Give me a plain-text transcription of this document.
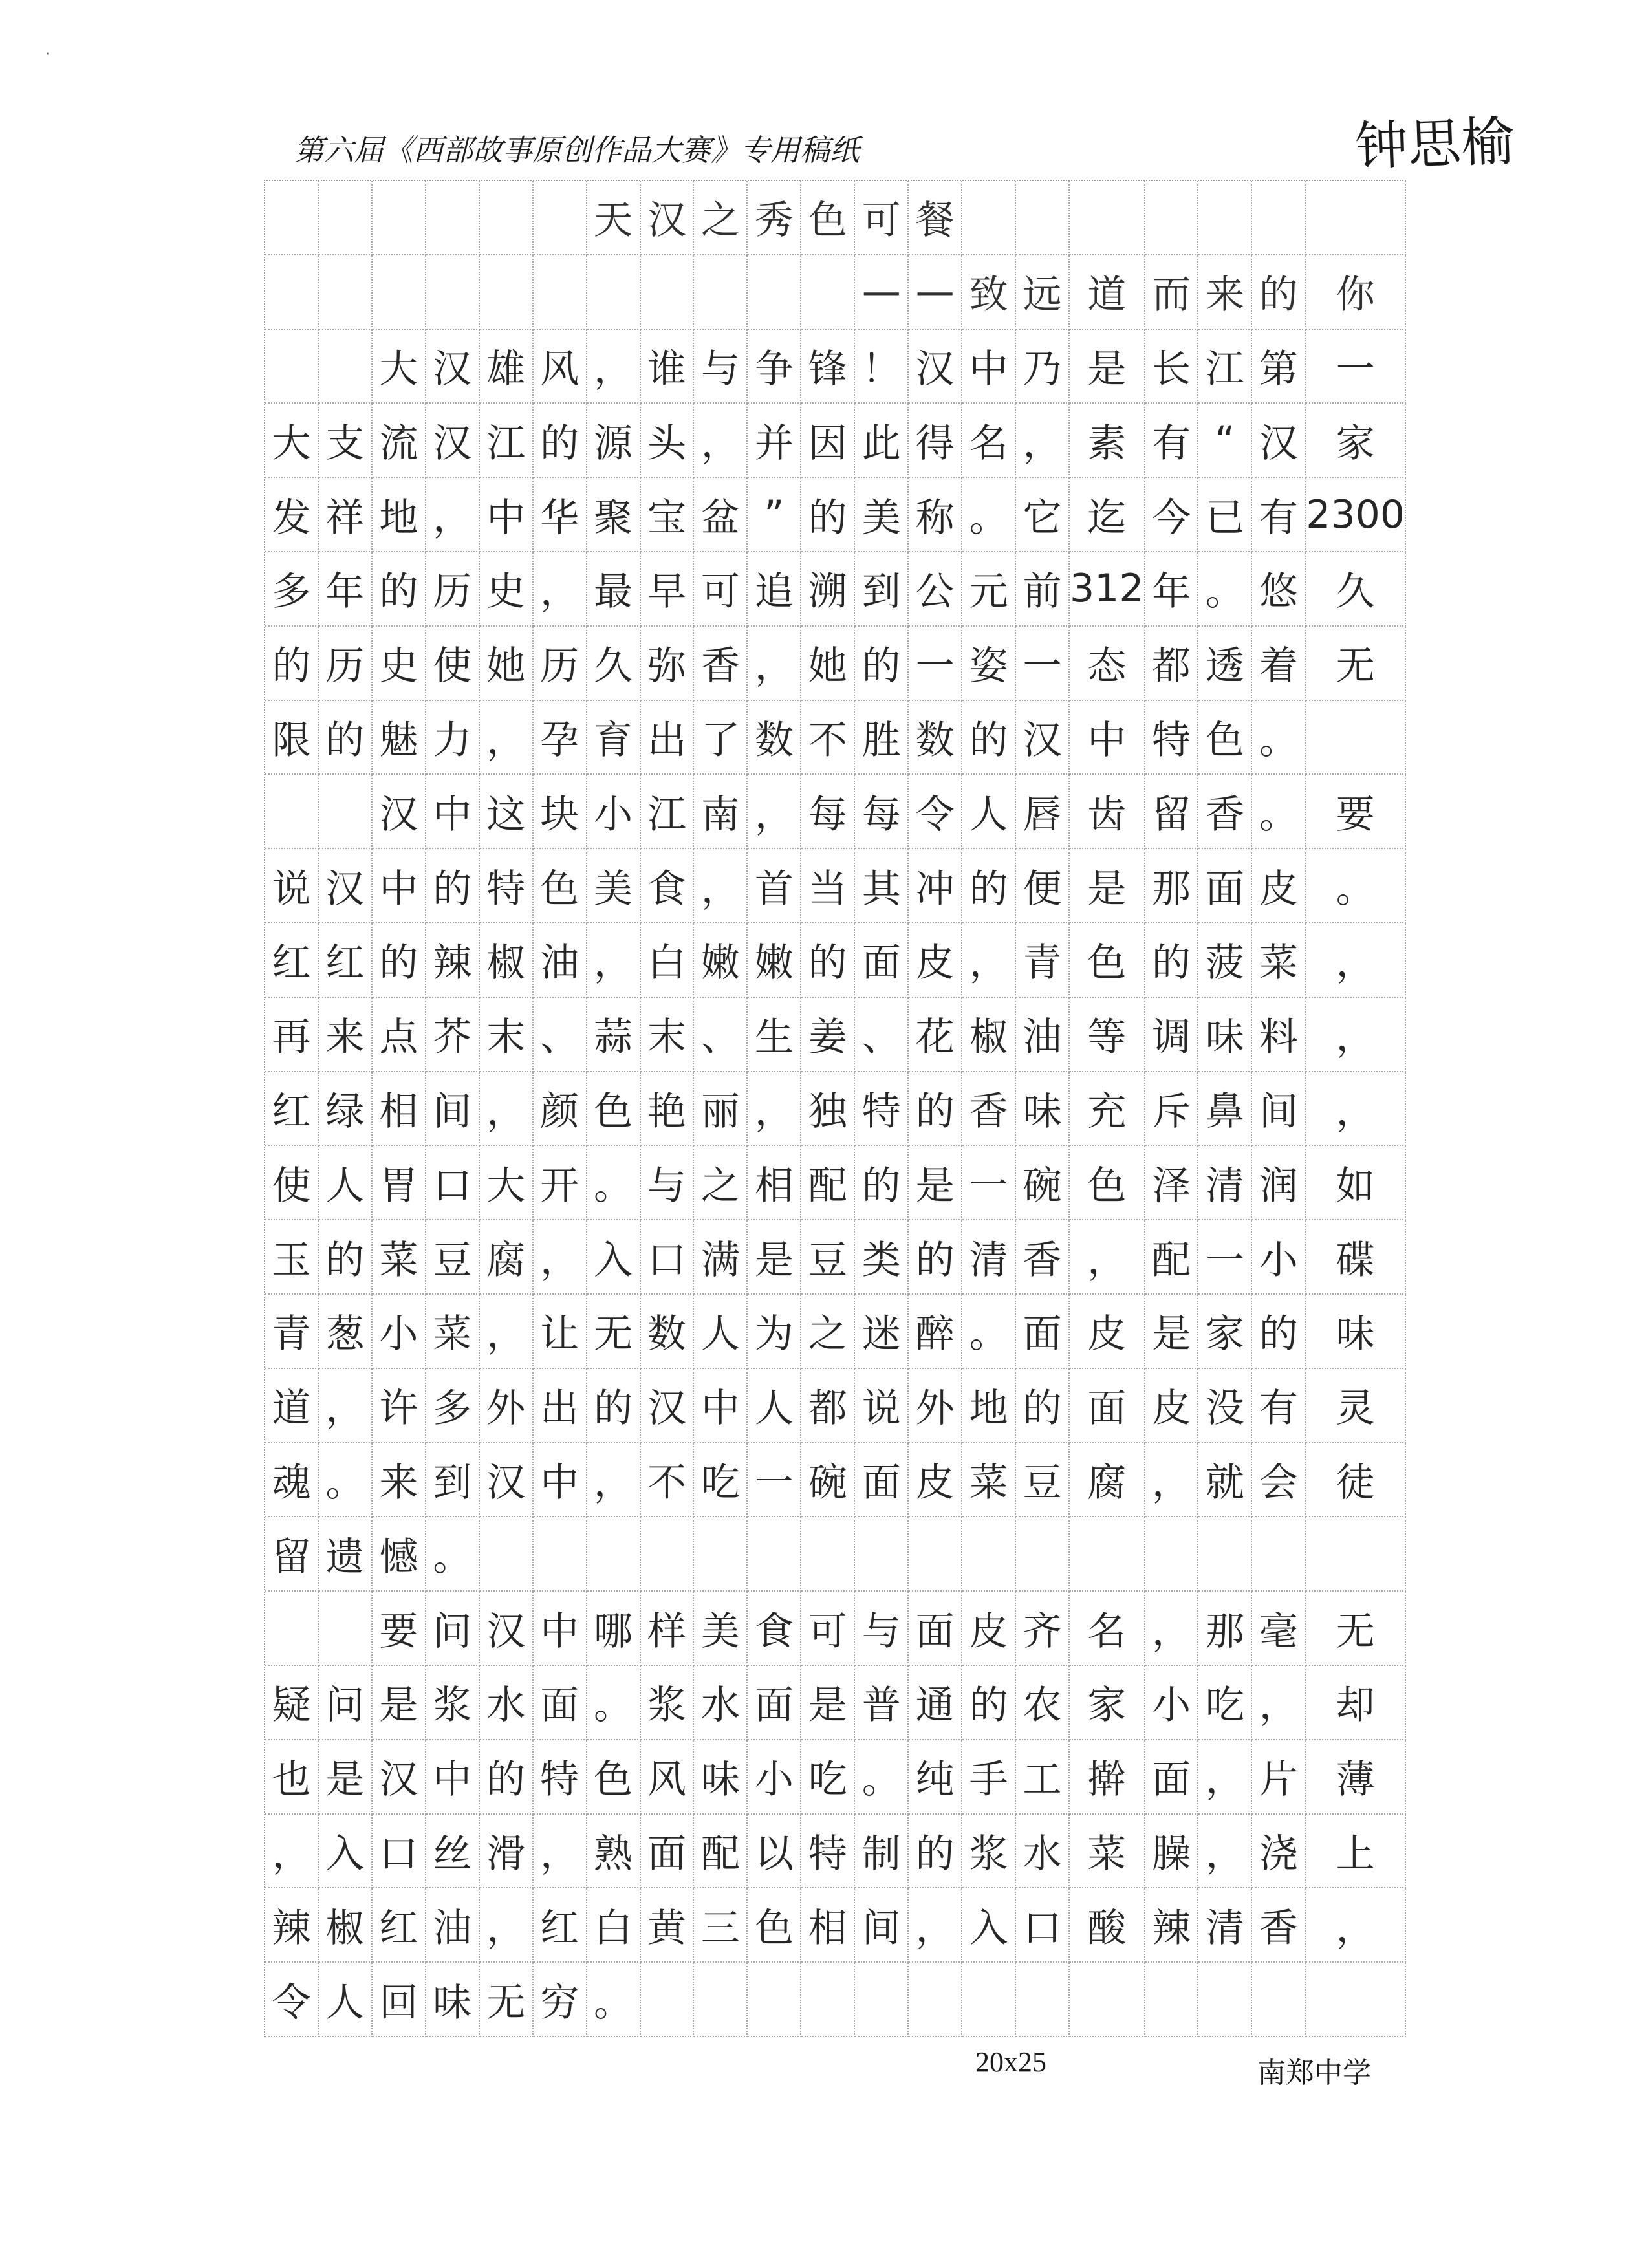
·
第六届《西部故事原创作品大赛》专用稿纸	钟思榆
天 汉 之 秀 色 可 餐
— — 致 远 道 而 来 的 你
大 汉 雄 风 ， 谁 与 争 锋 ！ 汉 中 乃 是 长 江 第 一
大 支 流 汉 江 的 源 头 ， 并 因 此 得 名 ， 素 有 “ 汉 家
发 祥 地 ， 中 华 聚 宝 盆 ” 的 美 称 。 它 迄 今 已 有 2300
多 年 的 历 史 ， 最 早 可 追 溯 到 公 元 前 312 年 。 悠 久
的 历 史 使 她 历 久 弥 香 ， 她 的 一 姿 一 态 都 透 着 无
限 的 魅 力 ， 孕 育 出 了 数 不 胜 数 的 汉 中 特 色 。
汉 中 这 块 小 江 南 ， 每 每 令 人 唇 齿 留 香 。 要
说 汉 中 的 特 色 美 食 ， 首 当 其 冲 的 便 是 那 面 皮 。
红 红 的 辣 椒 油 ， 白 嫩 嫩 的 面 皮 ， 青 色 的 菠 菜 ，
再 来 点 芥 末 、 蒜 末 、 生 姜 、 花 椒 油 等 调 味 料 ，
红 绿 相 间 ， 颜 色 艳 丽 ， 独 特 的 香 味 充 斥 鼻 间 ，
使 人 胃 口 大 开 。 与 之 相 配 的 是 一 碗 色 泽 清 润 如
玉 的 菜 豆 腐 ， 入 口 满 是 豆 类 的 清 香 ， 配 一 小 碟
青 葱 小 菜 ， 让 无 数 人 为 之 迷 醉 。 面 皮 是 家 的 味
道 ， 许 多 外 出 的 汉 中 人 都 说 外 地 的 面 皮 没 有 灵
魂 。 来 到 汉 中 ， 不 吃 一 碗 面 皮 菜 豆 腐 ， 就 会 徒
留 遗 憾 。
要 问 汉 中 哪 样 美 食 可 与 面 皮 齐 名 ， 那 毫 无
疑 问 是 浆 水 面 。 浆 水 面 是 普 通 的 农 家 小 吃 ， 却
也 是 汉 中 的 特 色 风 味 小 吃 。 纯 手 工 擀 面 ， 片 薄
， 入 口 丝 滑 ， 熟 面 配 以 特 制 的 浆 水 菜 臊 ， 浇 上
辣 椒 红 油 ， 红 白 黄 三 色 相 间 ， 入 口 酸 辣 清 香 ，
令 人 回 味 无 穷 。
20x25	南郑中学
